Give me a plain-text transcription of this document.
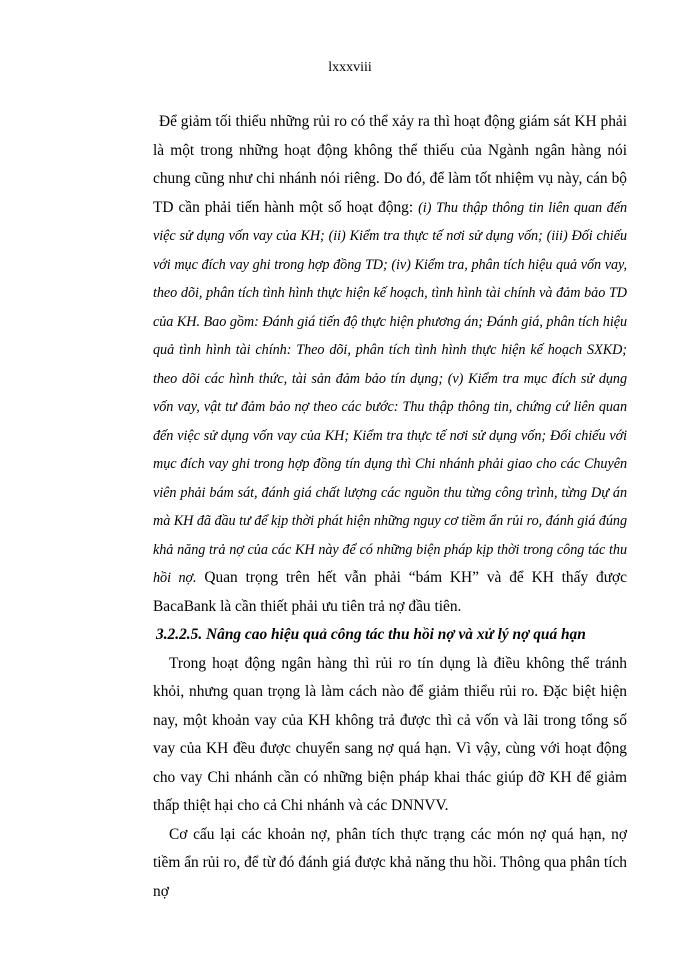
lxxxviii

Để giảm tối thiểu những rủi ro có thể xảy ra thì hoạt động giám sát KH phải là một trong những hoạt động không thể thiếu của Ngành ngân hàng nói chung cũng như chi nhánh nói riêng. Do đó, để làm tốt nhiệm vụ này, cán bộ TD cần phải tiến hành một số hoạt động: (i) Thu thập thông tin liên quan đến việc sử dụng vốn vay của KH; (ii) Kiểm tra thực tế nơi sử dụng vốn; (iii) Đối chiếu với mục đích vay ghi trong hợp đồng TD; (iv) Kiểm tra, phân tích hiệu quả vốn vay, theo dõi, phân tích tình hình thực hiện kế hoạch, tình hình tài chính và đảm bảo TD của KH. Bao gồm: Đánh giá tiến độ thực hiện phương án; Đánh giá, phân tích hiệu quả tình hình tài chính: Theo dõi, phân tích tình hình thực hiện kế hoạch SXKD; theo dõi các hình thức, tài sản đảm bảo tín dụng; (v) Kiểm tra mục đích sử dụng vốn vay, vật tư đảm bảo nợ theo các bước: Thu thập thông tin, chứng cứ liên quan đến việc sử dụng vốn vay của KH; Kiểm tra thực tế nơi sử dụng vốn; Đối chiếu với mục đích vay ghi trong hợp đồng tín dụng thì Chi nhánh phải giao cho các Chuyên viên phải bám sát, đánh giá chất lượng các nguồn thu từng công trình, từng Dự án mà KH đã đầu tư để kịp thời phát hiện những nguy cơ tiềm ẩn rủi ro, đánh giá đúng khả năng trả nợ của các KH này để có những biện pháp kịp thời trong công tác thu hồi nợ. Quan trọng trên hết vẫn phải “bám KH” và để KH thấy được BacaBank là cần thiết phải ưu tiên trả nợ đầu tiên.

3.2.2.5. Nâng cao hiệu quả công tác thu hồi nợ và xử lý nợ quá hạn

Trong hoạt động ngân hàng thì rủi ro tín dụng là điều không thể tránh khỏi, nhưng quan trọng là làm cách nào để giảm thiểu rủi ro. Đặc biệt hiện nay, một khoản vay của KH không trả được thì cả vốn và lãi trong tổng số vay của KH đều được chuyển sang nợ quá hạn. Vì vậy, cùng với hoạt động cho vay Chi nhánh cần có những biện pháp khai thác giúp đỡ KH để giảm thấp thiệt hại cho cả Chi nhánh và các DNNVV.

Cơ cấu lại các khoản nợ, phân tích thực trạng các món nợ quá hạn, nợ tiềm ẩn rủi ro, để từ đó đánh giá được khả năng thu hồi. Thông qua phân tích nợ
